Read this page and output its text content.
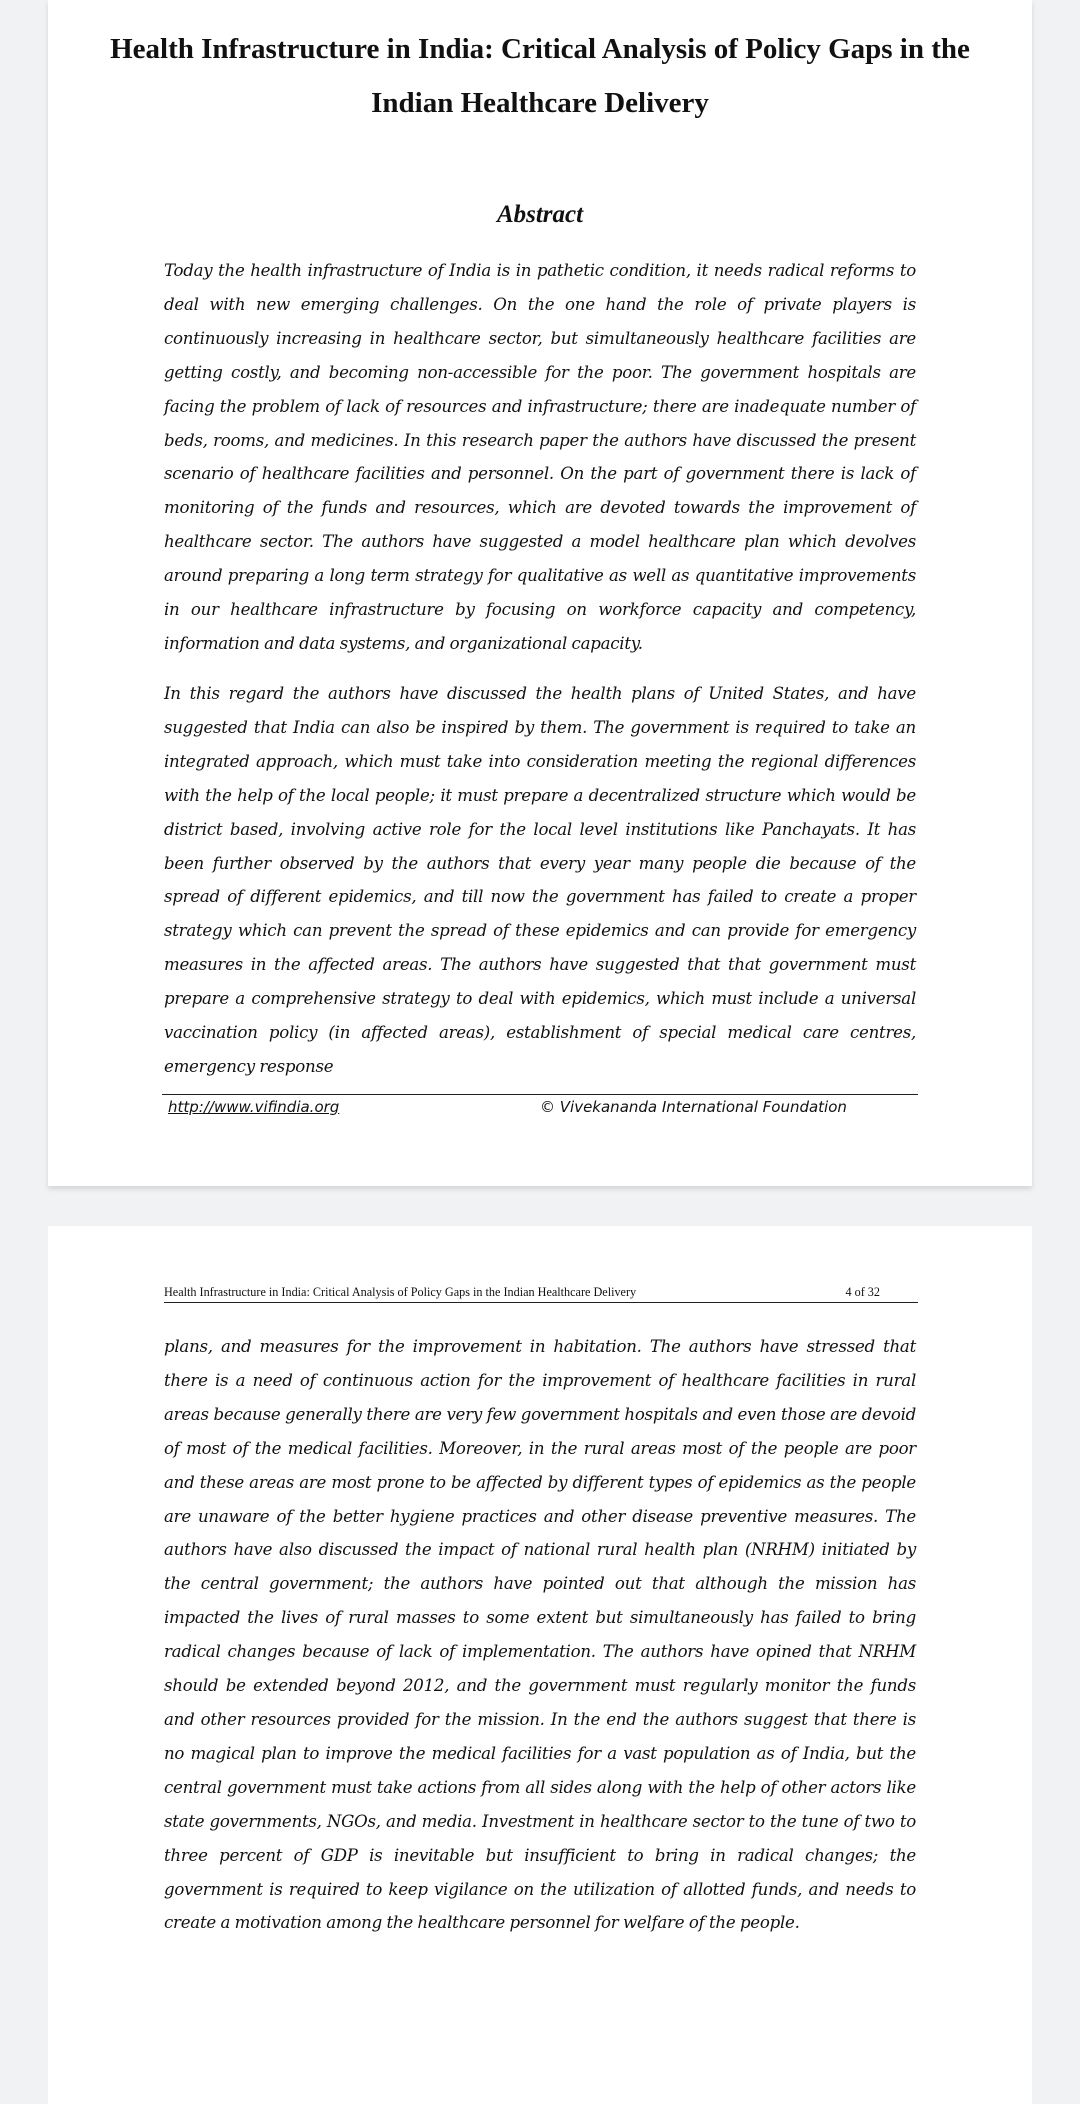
Health Infrastructure in India: Critical Analysis of Policy Gaps in the Indian Healthcare Delivery
Abstract

Today the health infrastructure of India is in pathetic condition, it needs radical reforms to deal with new emerging challenges. On the one hand the role of private players is continuously increasing in healthcare sector, but simultaneously healthcare facilities are getting costly, and becoming non-accessible for the poor. The government hospitals are facing the problem of lack of resources and infrastructure; there are inadequate number of beds, rooms, and medicines. In this research paper the authors have discussed the present scenario of healthcare facilities and personnel. On the part of government there is lack of monitoring of the funds and resources, which are devoted towards the improvement of healthcare sector. The authors have suggested a model healthcare plan which devolves around preparing a long term strategy for qualitative as well as quantitative improvements in our healthcare infrastructure by focusing on workforce capacity and competency, information and data systems, and organizational capacity.

In this regard the authors have discussed the health plans of United States, and have suggested that India can also be inspired by them. The government is required to take an integrated approach, which must take into consideration meeting the regional differences with the help of the local people; it must prepare a decentralized structure which would be district based, involving active role for the local level institutions like Panchayats. It has been further observed by the authors that every year many people die because of the spread of different epidemics, and till now the government has failed to create a proper strategy which can prevent the spread of these epidemics and can provide for emergency measures in the affected areas. The authors have suggested that that government must prepare a comprehensive strategy to deal with epidemics, which must include a universal vaccination policy (in affected areas), establishment of special medical care centres, emergency response

http://www.vifindia.org	© Vivekananda International Foundation
Health Infrastructure in India: Critical Analysis of Policy Gaps in the Indian Healthcare Delivery	4 of 32

plans, and measures for the improvement in habitation. The authors have stressed that there is a need of continuous action for the improvement of healthcare facilities in rural areas because generally there are very few government hospitals and even those are devoid of most of the medical facilities. Moreover, in the rural areas most of the people are poor and these areas are most prone to be affected by different types of epidemics as the people are unaware of the better hygiene practices and other disease preventive measures. The authors have also discussed the impact of national rural health plan (NRHM) initiated by the central government; the authors have pointed out that although the mission has impacted the lives of rural masses to some extent but simultaneously has failed to bring radical changes because of lack of implementation. The authors have opined that NRHM should be extended beyond 2012, and the government must regularly monitor the funds and other resources provided for the mission. In the end the authors suggest that there is no magical plan to improve the medical facilities for a vast population as of India, but the central government must take actions from all sides along with the help of other actors like state governments, NGOs, and media. Investment in healthcare sector to the tune of two to three percent of GDP is inevitable but insufficient to bring in radical changes; the government is required to keep vigilance on the utilization of allotted funds, and needs to create a motivation among the healthcare personnel for welfare of the people.
